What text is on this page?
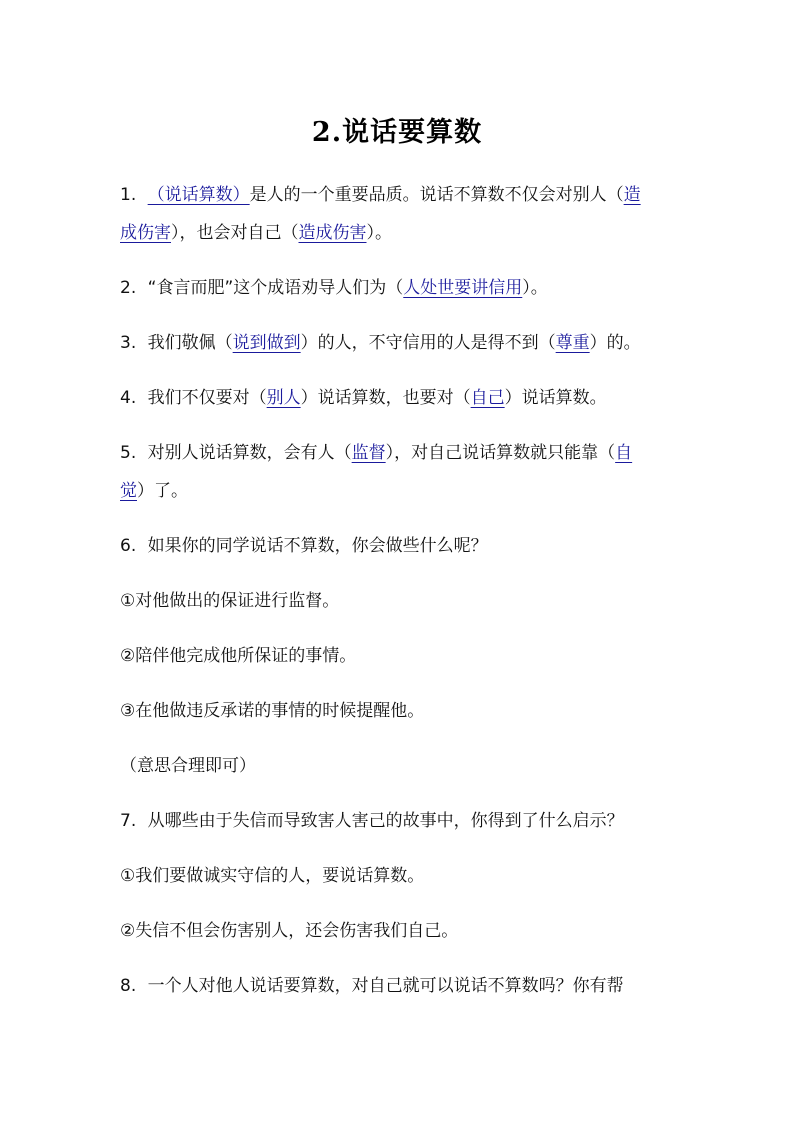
2.说话要算数
1. （说话算数）是人的一个重要品质。说话不算数不仅会对别人（造
成伤害），也会对自己（造成伤害）。
2. “食言而肥”这个成语劝导人们为（人处世要讲信用）。
3. 我们敬佩（说到做到）的人，不守信用的人是得不到（尊重）的。
4. 我们不仅要对（别人）说话算数，也要对（自己）说话算数。
5. 对别人说话算数，会有人（监督），对自己说话算数就只能靠（自
觉）了。
6. 如果你的同学说话不算数，你会做些什么呢？
①对他做出的保证进行监督。
②陪伴他完成他所保证的事情。
③在他做违反承诺的事情的时候提醒他。
（意思合理即可）
7. 从哪些由于失信而导致害人害己的故事中，你得到了什么启示？
①我们要做诚实守信的人，要说话算数。
②失信不但会伤害别人，还会伤害我们自己。
8. 一个人对他人说话要算数，对自己就可以说话不算数吗？你有帮
